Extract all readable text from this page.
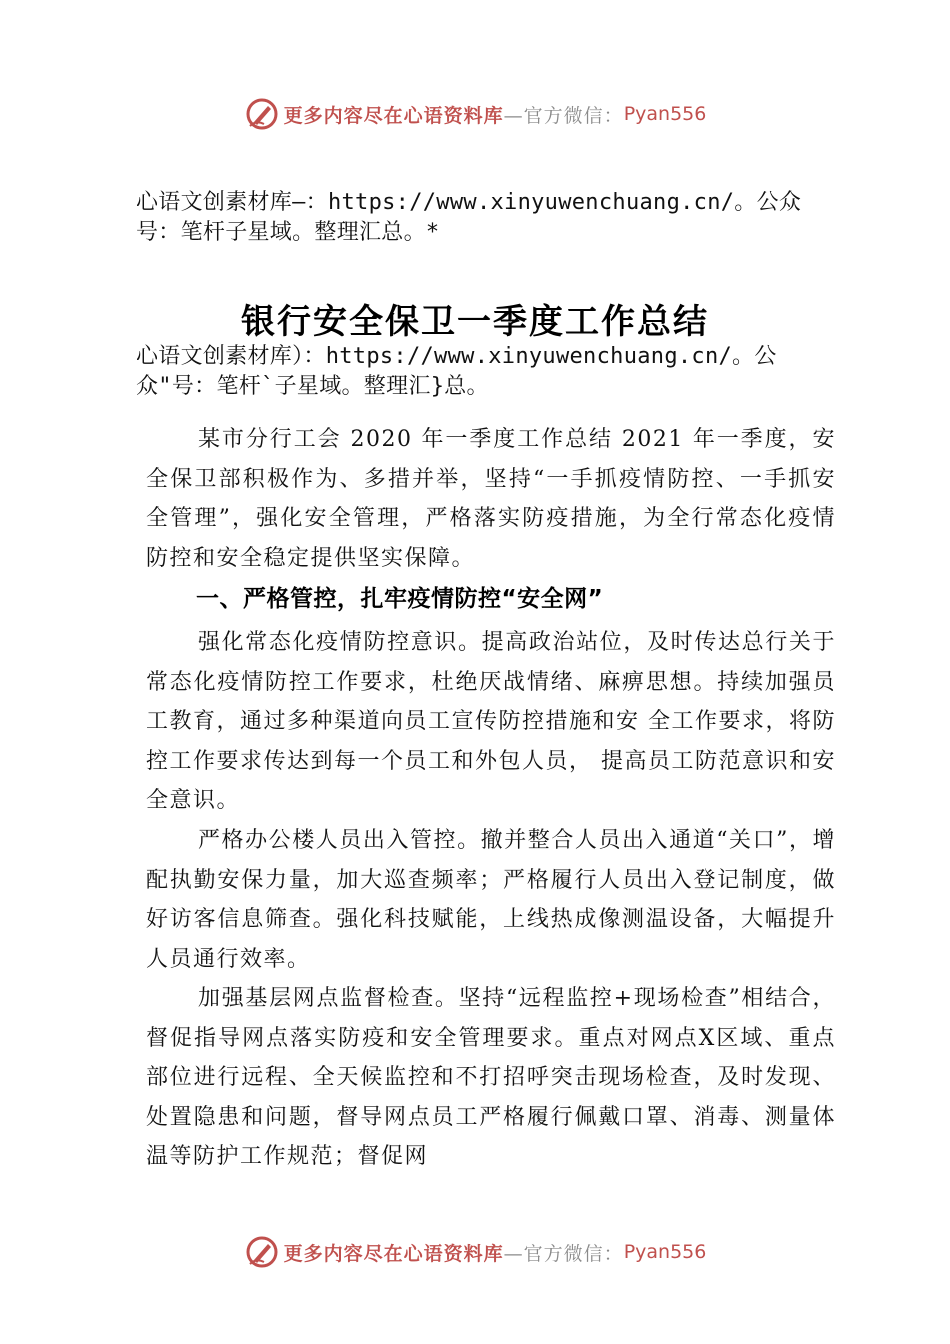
更多内容尽在心语资料库 —官方微信： Pyan556
心语文创素材库—：https://www.xinyuwenchuang.cn/。公众
号：笔杆子星域。整理汇总。*
银行安全保卫一季度工作总结
心语文创素材库）：https://www.xinyuwenchuang.cn/。公
众"号：笔杆`子星域。整理汇}总。

某市分行工会 2020 年一季度工作总结 2021 年一季度，安全保卫部积极作为、多措并举，坚持“一手抓疫情防控、一手抓安全管理”，强化安全管理，严格落实防疫措施，为全行常态化疫情防控和安全稳定提供坚实保障。

一、严格管控，扎牢疫情防控“安全网”

强化常态化疫情防控意识。提高政治站位，及时传达总行关于常态化疫情防控工作要求，杜绝厌战情绪、麻痹思想。持续加强员工教育，通过多种渠道向员工宣传防控措施和安 全工作要求，将防控工作要求传达到每一个员工和外包人员， 提高员工防范意识和安全意识。

严格办公楼人员出入管控。撤并整合人员出入通道“关口”，增配执勤安保力量，加大巡查频率；严格履行人员出入登记制度，做好访客信息筛查。强化科技赋能，上线热成像测温设备，大幅提升人员通行效率。

加强基层网点监督检查。坚持“远程监控+现场检查”相结合，督促指导网点落实防疫和安全管理要求。重点对网点X区域、重点部位进行远程、全天候监控和不打招呼突击现场检查，及时发现、处置隐患和问题，督导网点员工严格履行佩戴口罩、消毒、测量体温等防护工作规范；督促网

更多内容尽在心语资料库 —官方微信： Pyan556
